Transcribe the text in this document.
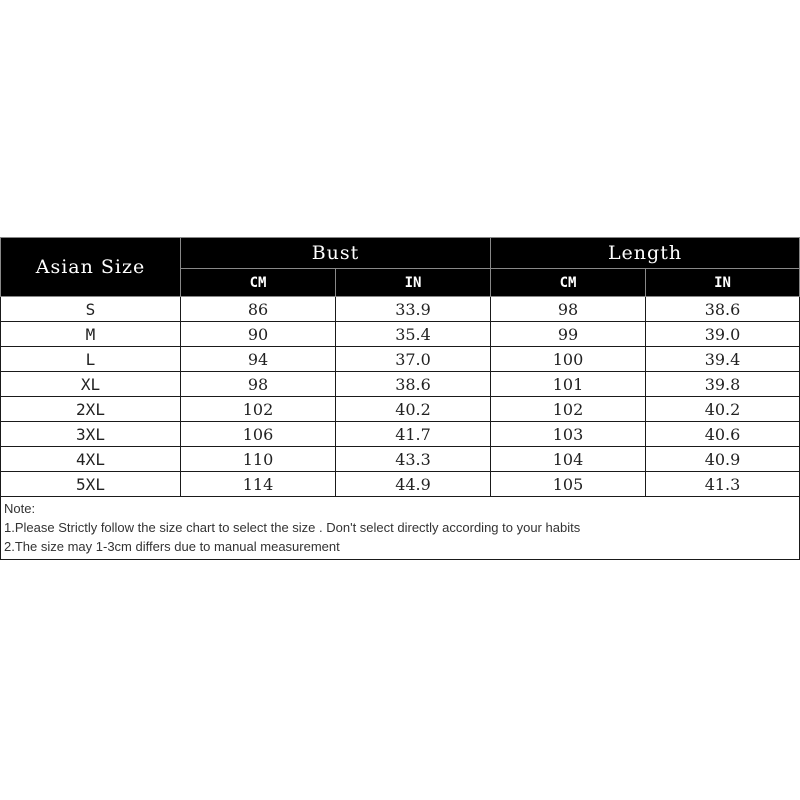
Asian Size	Bust		Length	
	CM	IN	CM	IN
S	86	33.9	98	38.6
M	90	35.4	99	39.0
L	94	37.0	100	39.4
XL	98	38.6	101	39.8
2XL	102	40.2	102	40.2
3XL	106	41.7	103	40.6
4XL	110	43.3	104	40.9
5XL	114	44.9	105	41.3

Note:
1.Please Strictly follow the size chart to select the size . Don't select directly according to your habits
2.The size may 1-3cm differs due to manual measurement				
